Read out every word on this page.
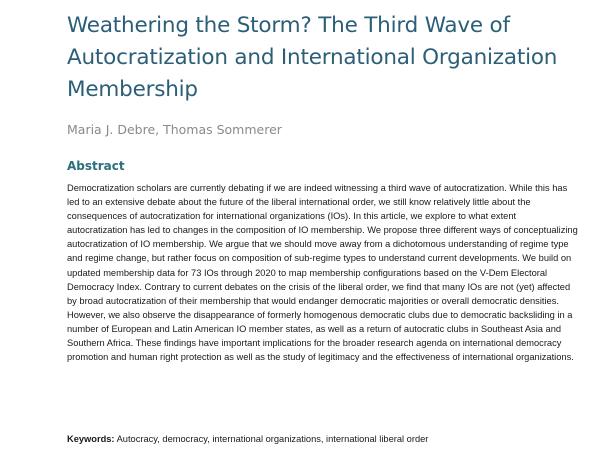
Weathering the Storm? The Third Wave of Autocratization and International Organization Membership

Maria J. Debre, Thomas Sommerer

Abstract

Democratization scholars are currently debating if we are indeed witnessing a third wave of autocratization. While this has led to an extensive debate about the future of the liberal international order, we still know relatively little about the consequences of autocratization for international organizations (IOs). In this article, we explore to what extent autocratization has led to changes in the composition of IO membership. We propose three different ways of conceptualizing autocratization of IO membership. We argue that we should move away from a dichotomous understanding of regime type and regime change, but rather focus on composition of sub-regime types to understand current developments. We build on updated membership data for 73 IOs through 2020 to map membership configurations based on the V-Dem Electoral Democracy Index. Contrary to current debates on the crisis of the liberal order, we find that many IOs are not (yet) affected by broad autocratization of their membership that would endanger democratic majorities or overall democratic densities. However, we also observe the disappearance of formerly homogenous democratic clubs due to democratic backsliding in a number of European and Latin American IO member states, as well as a return of autocratic clubs in Southeast Asia and Southern Africa. These findings have important implications for the broader research agenda on international democracy promotion and human right protection as well as the study of legitimacy and the effectiveness of international organizations.

Keywords: Autocracy, democracy, international organizations, international liberal order
